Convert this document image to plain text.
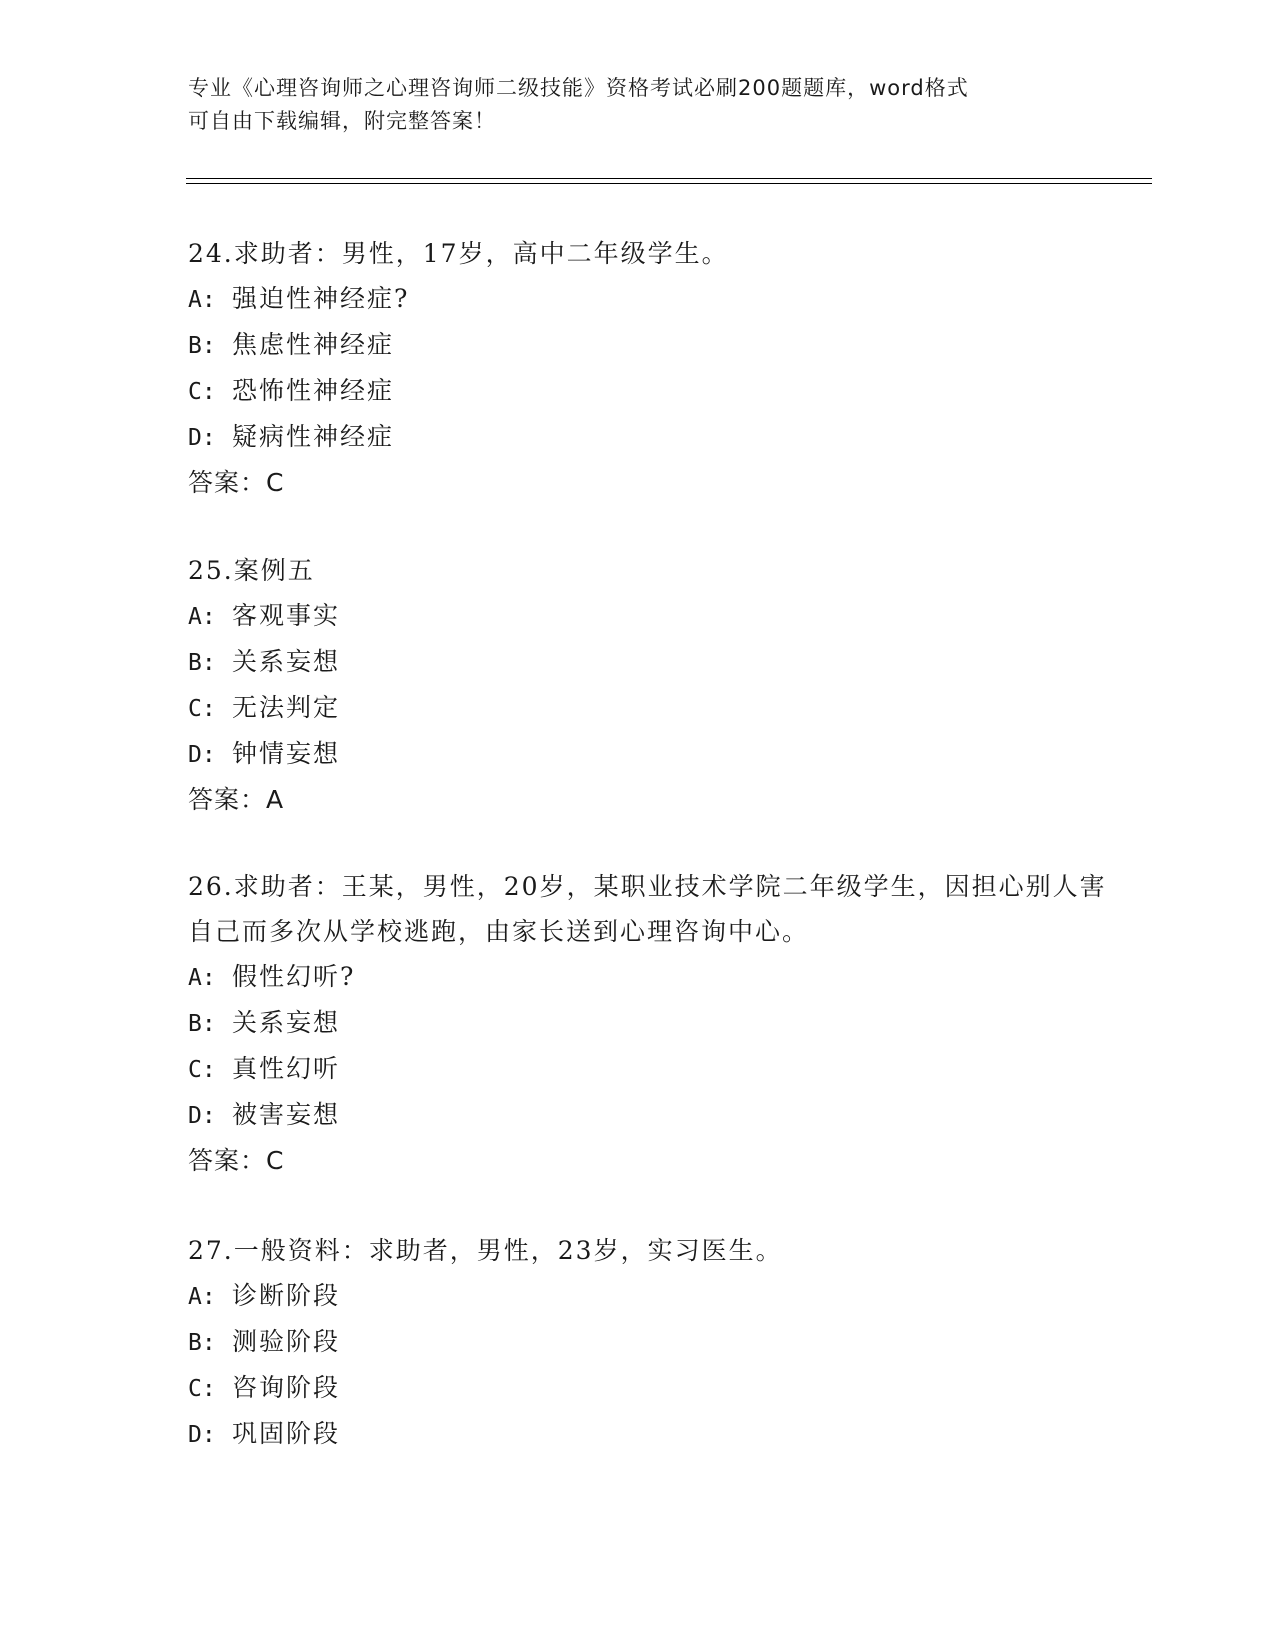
专业《心理咨询师之心理咨询师二级技能》资格考试必刷200题题库，word格式

可自由下载编辑，附完整答案！

24.求助者：男性，17岁，高中二年级学生。

A: 强迫性神经症?

B: 焦虑性神经症

C: 恐怖性神经症

D: 疑病性神经症

答案：C

25.案例五

A: 客观事实

B: 关系妄想

C: 无法判定

D: 钟情妄想

答案：A

26.求助者：王某，男性，20岁，某职业技术学院二年级学生，因担心别人害自己而多次从学校逃跑，由家长送到心理咨询中心。

A: 假性幻听?

B: 关系妄想

C: 真性幻听

D: 被害妄想

答案：C

27.一般资料：求助者，男性，23岁，实习医生。

A: 诊断阶段

B: 测验阶段

C: 咨询阶段

D: 巩固阶段
